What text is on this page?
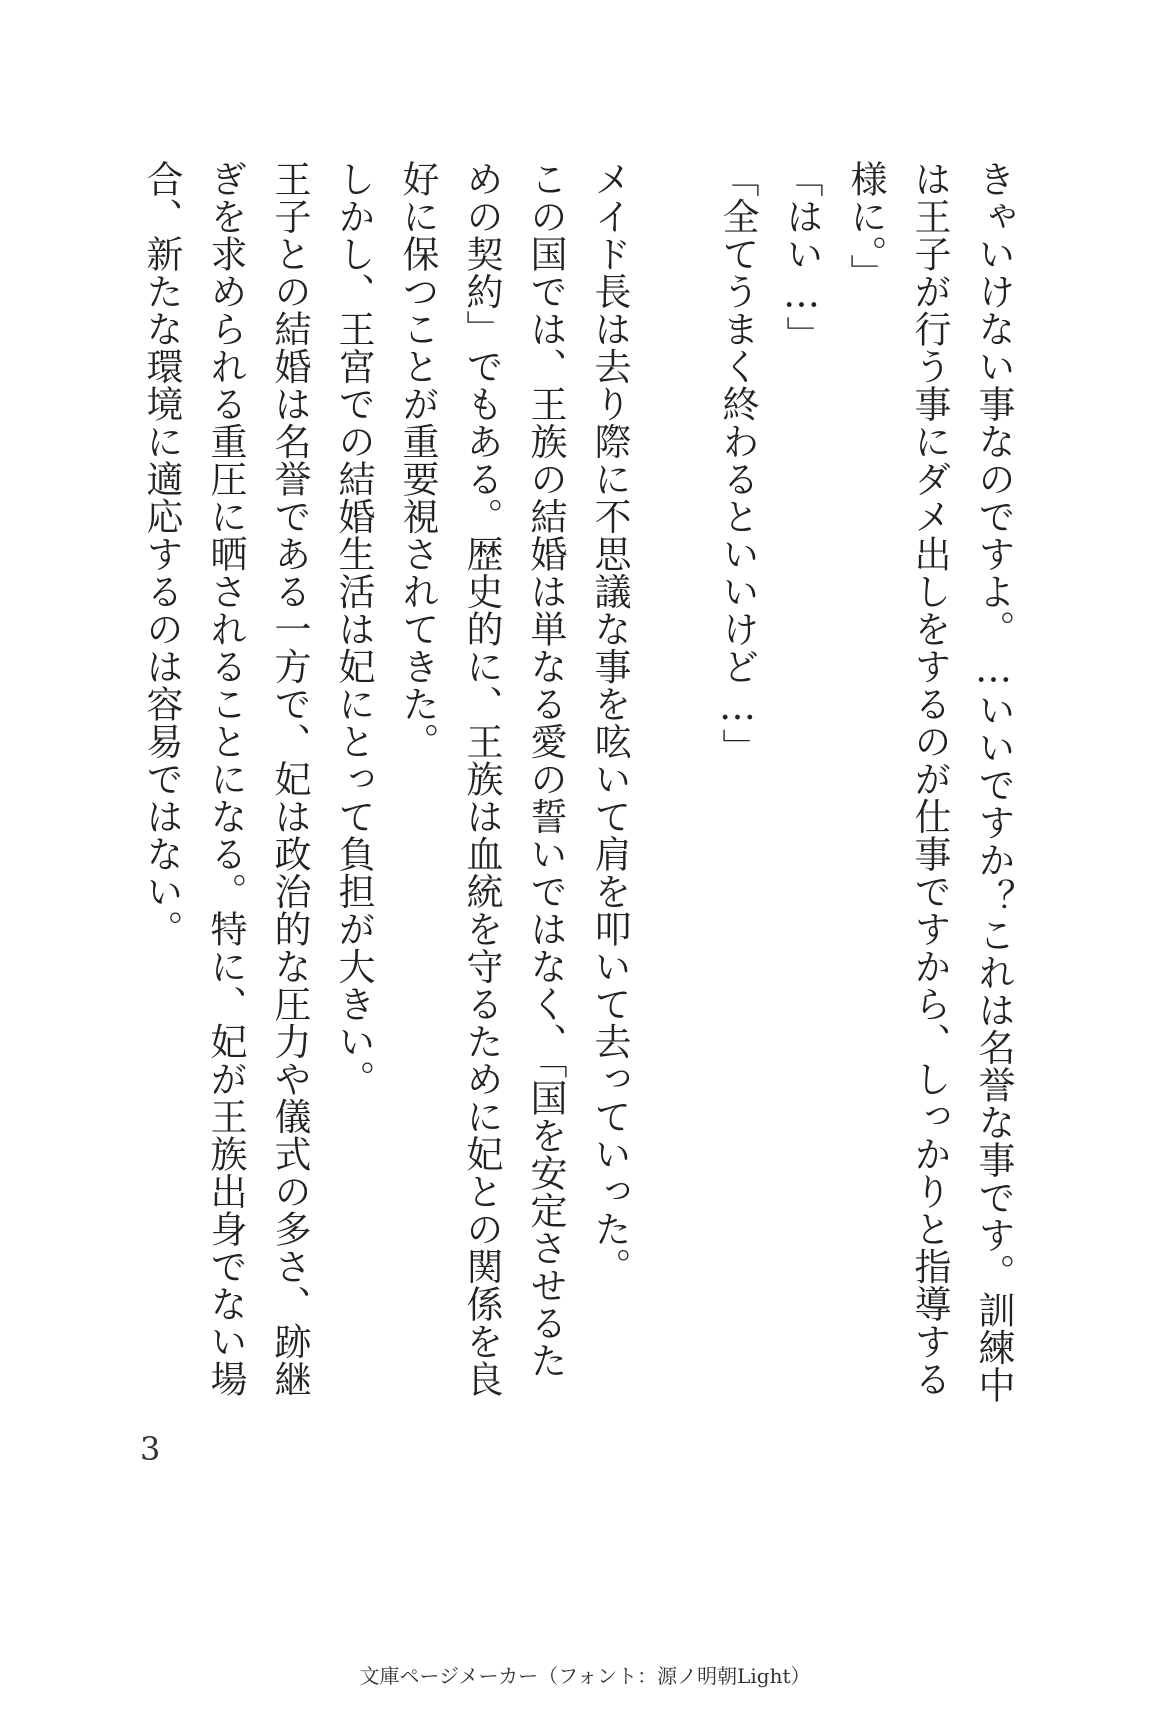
きゃいけない事なのですよ。…いいですか？これは名誉な事です。訓練中
は王子が行う事にダメ出しをするのが仕事ですから、しっかりと指導する
様に。」
「はい…」
「全てうまく終わるといいけど…」
メイド長は去り際に不思議な事を呟いて肩を叩いて去っていった。
この国では、王族の結婚は単なる愛の誓いではなく、「国を安定させるた
めの契約」でもある。歴史的に、王族は血統を守るために妃との関係を良
好に保つことが重要視されてきた。
しかし、王宮での結婚生活は妃にとって負担が大きい。
王子との結婚は名誉である一方で、妃は政治的な圧力や儀式の多さ、跡継
ぎを求められる重圧に晒されることになる。特に、妃が王族出身でない場
合、新たな環境に適応するのは容易ではない。
3
文庫ページメーカー（フォント：源ノ明朝Light）
